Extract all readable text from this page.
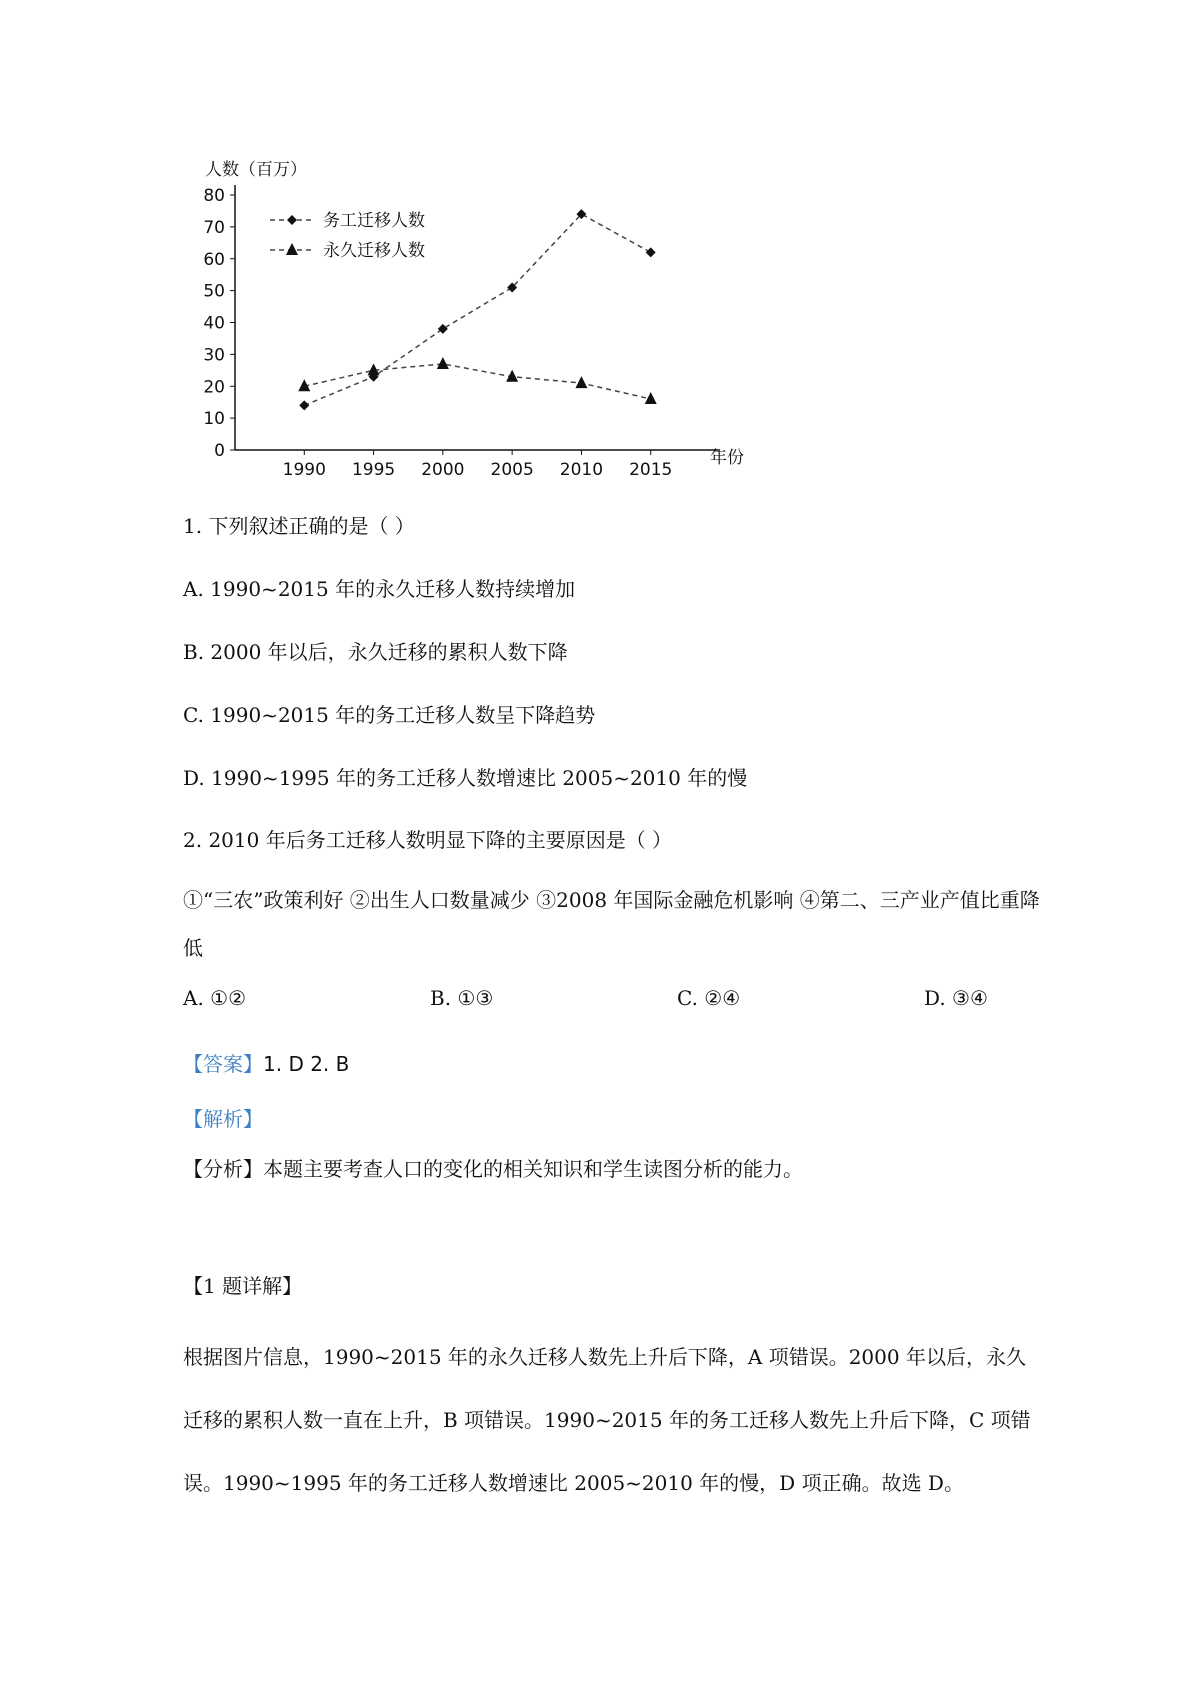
0
10
20
30
40
50
60
70
80
1990 1995 2000 2005 2010 2015
人数（百万）
年份
务工迁移人数
永久迁移人数
1. 下列叙述正确的是（ ）
A. 1990~2015 年的永久迁移人数持续增加
B. 2000 年以后，永久迁移的累积人数下降
C. 1990~2015 年的务工迁移人数呈下降趋势
D. 1990~1995 年的务工迁移人数增速比 2005~2010 年的慢
2. 2010 年后务工迁移人数明显下降的主要原因是（ ）
①“三农”政策利好 ②出生人口数量减少 ③2008 年国际金融危机影响 ④第二、三产业产值比重降低
A. ①②	B. ①③	C. ②④	D. ③④
【答案】1. D 2. B
【解析】
【分析】本题主要考查人口的变化的相关知识和学生读图分析的能力。
【1 题详解】
根据图片信息，1990~2015 年的永久迁移人数先上升后下降，A 项错误。2000 年以后，永久迁移的累积人数一直在上升，B 项错误。1990~2015 年的务工迁移人数先上升后下降，C 项错误。1990~1995 年的务工迁移人数增速比 2005~2010 年的慢，D 项正确。故选 D。
